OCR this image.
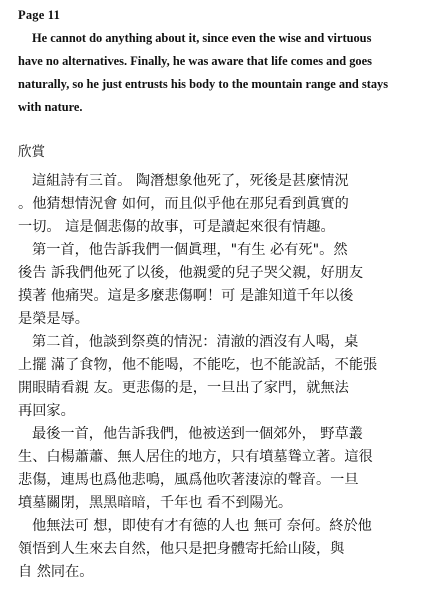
Page 11
He cannot do anything about it, since even the wise and virtuous
have no alternatives. Finally, he was aware that life comes and goes
naturally, so he just entrusts his body to the mountain range and stays
with nature.
欣賞
這組詩有三首。 陶潛想象他死了，死後是甚麼情況
。他猜想情況會 如何，而且似乎他在那兒看到眞實的
一切。 這是個悲傷的故事，可是讀起來很有情趣。
第一首，他告訴我們一個眞理，"有生 必有死"。然
後告 訴我們他死了以後，他親愛的兒子哭父親，好朋友
摸著 他痛哭。這是多麼悲傷啊！可 是誰知道千年以後
是榮是辱。
第二首，他談到祭奠的情況：清澈的酒沒有人喝，桌
上擺 滿了食物，他不能喝，不能吃，也不能說話，不能張
開眼睛看親 友。更悲傷的是，一旦出了家門，就無法
再回家。
最後一首，他告訴我們，他被送到一個郊外， 野草叢
生、白楊蕭蕭、無人居住的地方，只有墳墓聳立著。這很
悲傷，連馬也爲他悲鳴，風爲他吹著淒涼的聲音。一旦
墳墓關閉，黑黑暗暗，千年也 看不到陽光。
他無法可 想，即使有才有德的人也 無可 奈何。終於他
領悟到人生來去自然，他只是把身體寄托給山陵，與
自 然同在。
